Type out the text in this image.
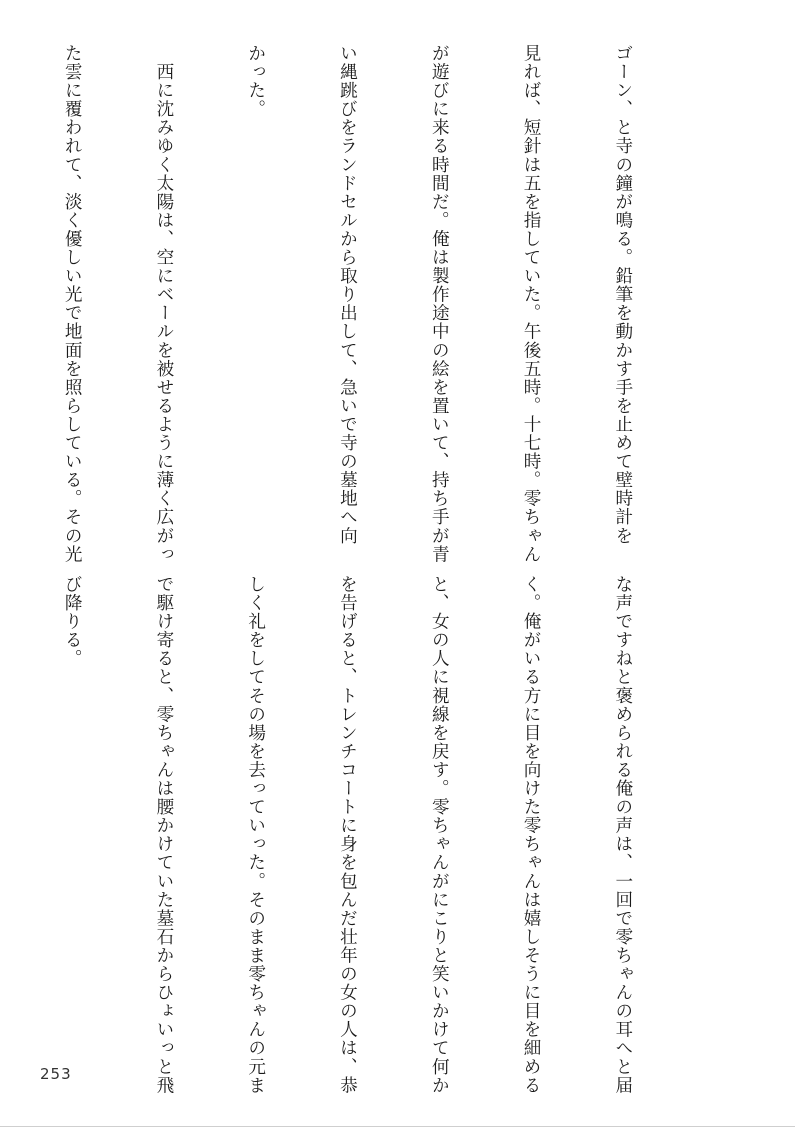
ゴーン、と寺の鐘が鳴る。鉛筆を動かす手を止めて壁時計を

見れば、短針は五を指していた。午後五時。十七時。零ちゃん

が遊びに来る時間だ。俺は製作途中の絵を置いて、持ち手が青

い縄跳びをランドセルから取り出して、急いで寺の墓地へ向

かった。

　西に沈みゆく太陽は、空にベールを被せるように薄く広がっ

た雲に覆われて、淡く優しい光で地面を照らしている。その光

な声ですねと褒められる俺の声は、一回で零ちゃんの耳へと届

く。俺がいる方に目を向けた零ちゃんは嬉しそうに目を細める

と、女の人に視線を戻す。零ちゃんがにこりと笑いかけて何か

を告げると、トレンチコートに身を包んだ壮年の女の人は、恭

しく礼をしてその場を去っていった。そのまま零ちゃんの元ま

で駆け寄ると、零ちゃんは腰かけていた墓石からひょいっと飛

び降りる。

253
